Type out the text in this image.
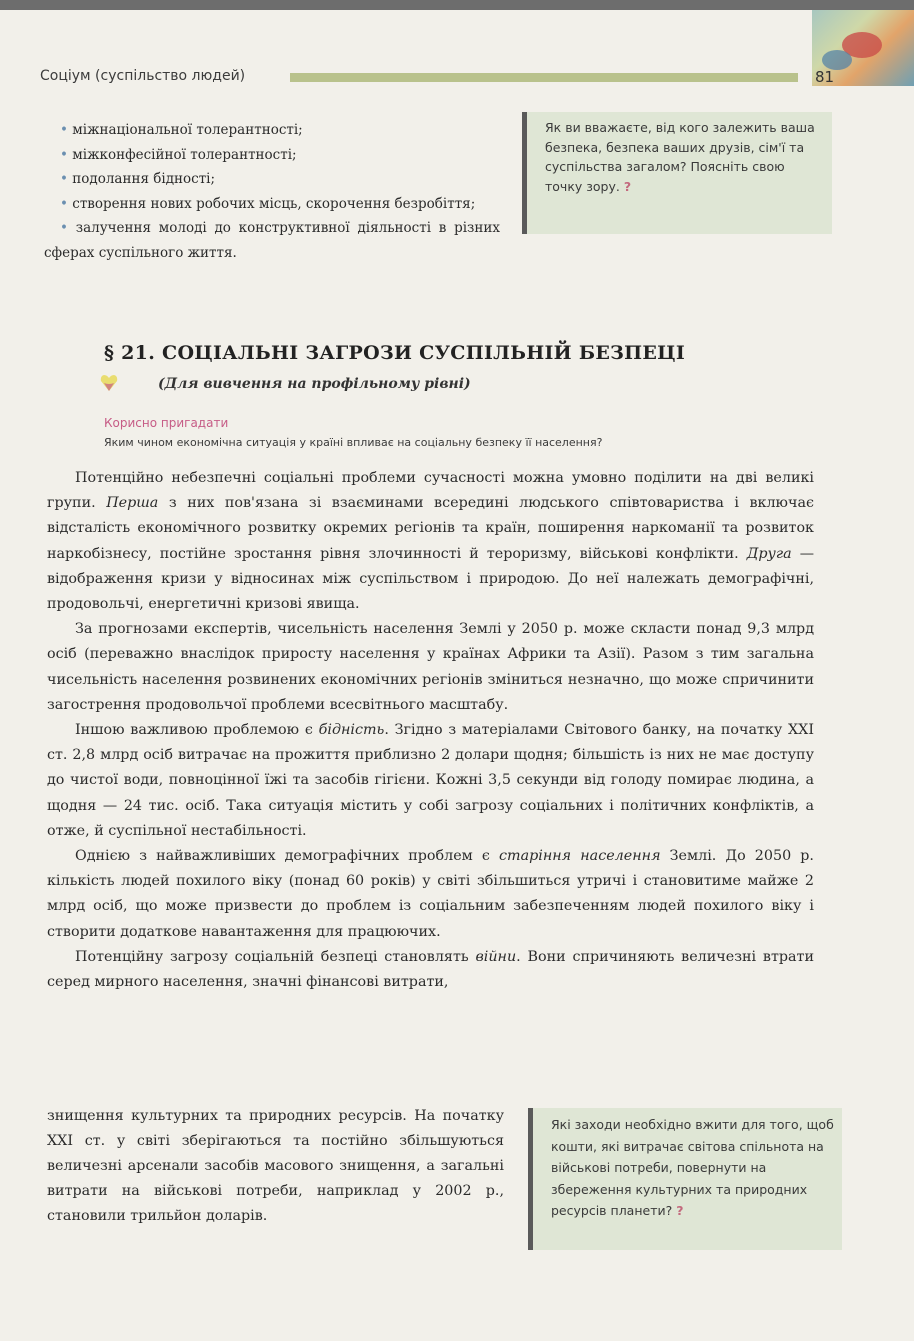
Соціум (суспільство людей)	81

• міжнаціональної толерантності;

• міжконфесійної толерантності;

• подолання бідності;

• створення нових робочих місць, скорочення безробіття;

• залучення молоді до конструктивної діяльності в різних сферах суспільного життя.

Як ви вважаєте, від кого залежить ваша безпека, безпека ваших друзів, сім'ї та суспільства загалом? Поясніть свою точку зору. ?
§ 21. СОЦІАЛЬНІ ЗАГРОЗИ СУСПІЛЬНІЙ БЕЗПЕЦІ
(Для вивчення на профільному рівні)
Корисно пригадати
Яким чином економічна ситуація у країні впливає на соціальну безпеку її населення?

Потенційно небезпечні соціальні проблеми сучасності можна умовно поділити на дві великі групи. Перша з них пов'язана зі взаєминами всередині людського співтовариства і включає відсталість економічного розвитку окремих регіонів та країн, поширення наркоманії та розвиток наркобізнесу, постійне зростання рівня злочинності й тероризму, військові конфлікти. Друга — відображення кризи у відносинах між суспільством і природою. До неї належать демографічні, продовольчі, енергетичні кризові явища.

За прогнозами експертів, чисельність населення Землі у 2050 р. може скласти понад 9,3 млрд осіб (переважно внаслідок приросту населення у країнах Африки та Азії). Разом з тим загальна чисельність населення розвинених економічних регіонів зміниться незначно, що може спричинити загострення продовольчої проблеми всесвітнього масштабу.

Іншою важливою проблемою є бідність. Згідно з матеріалами Світового банку, на початку XXI ст. 2,8 млрд осіб витрачає на прожиття приблизно 2 долари щодня; більшість із них не має доступу до чистої води, повноцінної їжі та засобів гігієни. Кожні 3,5 секунди від голоду помирає людина, а щодня — 24 тис. осіб. Така ситуація містить у собі загрозу соціальних і політичних конфліктів, а отже, й суспільної нестабільності.

Однією з найважливіших демографічних проблем є старіння населення Землі. До 2050 р. кількість людей похилого віку (понад 60 років) у світі збільшиться утричі і становитиме майже 2 млрд осіб, що може призвести до проблем із соціальним забезпеченням людей похилого віку і створити додаткове навантаження для працюючих.

Потенційну загрозу соціальній безпеці становлять війни. Вони спричиняють величезні втрати серед мирного населення, значні фінансові витрати,

знищення культурних та природних ресурсів. На початку XXI ст. у світі зберігаються та постійно збільшуються величезні арсенали засобів масового знищення, а загальні витрати на військові потреби, наприклад у 2002 р., становили трильйон доларів.

Які заходи необхідно вжити для того, щоб кошти, які витрачає світова спільнота на військові потреби, повернути на збереження культурних та природних ресурсів планети? ?
